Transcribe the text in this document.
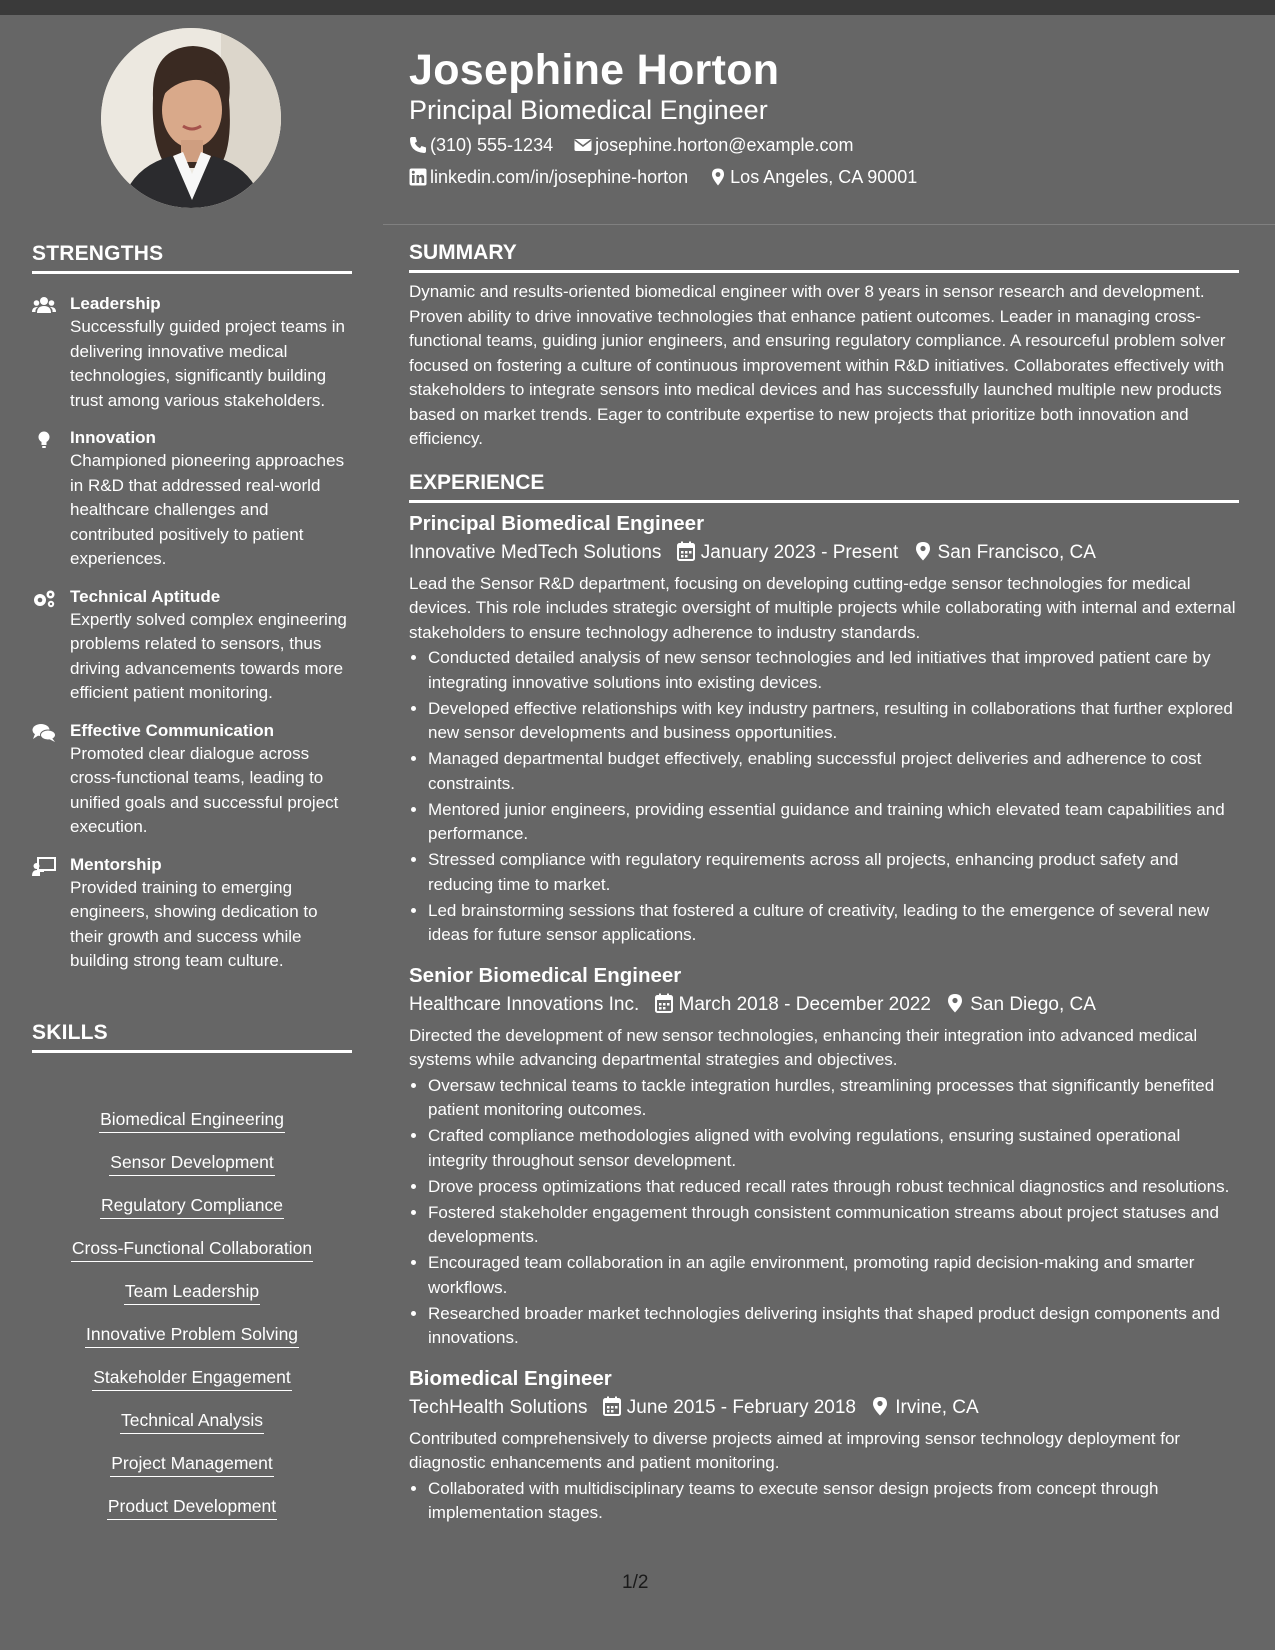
STRENGTHS
Leadership
Successfully guided project teams in delivering innovative medical technologies, significantly building trust among various stakeholders.
Innovation
Championed pioneering approaches in R&D that addressed real-world healthcare challenges and contributed positively to patient experiences.
Technical Aptitude
Expertly solved complex engineering problems related to sensors, thus driving advancements towards more efficient patient monitoring.
Effective Communication
Promoted clear dialogue across cross-functional teams, leading to unified goals and successful project execution.
Mentorship
Provided training to emerging engineers, showing dedication to their growth and success while building strong team culture.
SKILLS
Biomedical Engineering
Sensor Development
Regulatory Compliance
Cross-Functional Collaboration
Team Leadership
Innovative Problem Solving
Stakeholder Engagement
Technical Analysis
Project Management
Product Development
Josephine Horton
Principal Biomedical Engineer
(310) 555-1234 josephine.horton@example.com
linkedin.com/in/josephine-horton Los Angeles, CA 90001
SUMMARY

Dynamic and results-oriented biomedical engineer with over 8 years in sensor research and development. Proven ability to drive innovative technologies that enhance patient outcomes. Leader in managing cross-functional teams, guiding junior engineers, and ensuring regulatory compliance. A resourceful problem solver focused on fostering a culture of continuous improvement within R&D initiatives. Collaborates effectively with stakeholders to integrate sensors into medical devices and has successfully launched multiple new products based on market trends. Eager to contribute expertise to new projects that prioritize both innovation and efficiency.

EXPERIENCE
Principal Biomedical Engineer
Innovative MedTech Solutions January 2023 - Present San Francisco, CA
Lead the Sensor R&D department, focusing on developing cutting-edge sensor technologies for medical devices. This role includes strategic oversight of multiple projects while collaborating with internal and external stakeholders to ensure technology adherence to industry standards.
• Conducted detailed analysis of new sensor technologies and led initiatives that improved patient care by integrating innovative solutions into existing devices.
• Developed effective relationships with key industry partners, resulting in collaborations that further explored new sensor developments and business opportunities.
• Managed departmental budget effectively, enabling successful project deliveries and adherence to cost constraints.
• Mentored junior engineers, providing essential guidance and training which elevated team capabilities and performance.
• Stressed compliance with regulatory requirements across all projects, enhancing product safety and reducing time to market.
• Led brainstorming sessions that fostered a culture of creativity, leading to the emergence of several new ideas for future sensor applications.
Senior Biomedical Engineer
Healthcare Innovations Inc. March 2018 - December 2022 San Diego, CA
Directed the development of new sensor technologies, enhancing their integration into advanced medical systems while advancing departmental strategies and objectives.
• Oversaw technical teams to tackle integration hurdles, streamlining processes that significantly benefited patient monitoring outcomes.
• Crafted compliance methodologies aligned with evolving regulations, ensuring sustained operational integrity throughout sensor development.
• Drove process optimizations that reduced recall rates through robust technical diagnostics and resolutions.
• Fostered stakeholder engagement through consistent communication streams about project statuses and developments.
• Encouraged team collaboration in an agile environment, promoting rapid decision-making and smarter workflows.
• Researched broader market technologies delivering insights that shaped product design components and innovations.
Biomedical Engineer
TechHealth Solutions June 2015 - February 2018 Irvine, CA
Contributed comprehensively to diverse projects aimed at improving sensor technology deployment for diagnostic enhancements and patient monitoring.
• Collaborated with multidisciplinary teams to execute sensor design projects from concept through implementation stages.
1/2
